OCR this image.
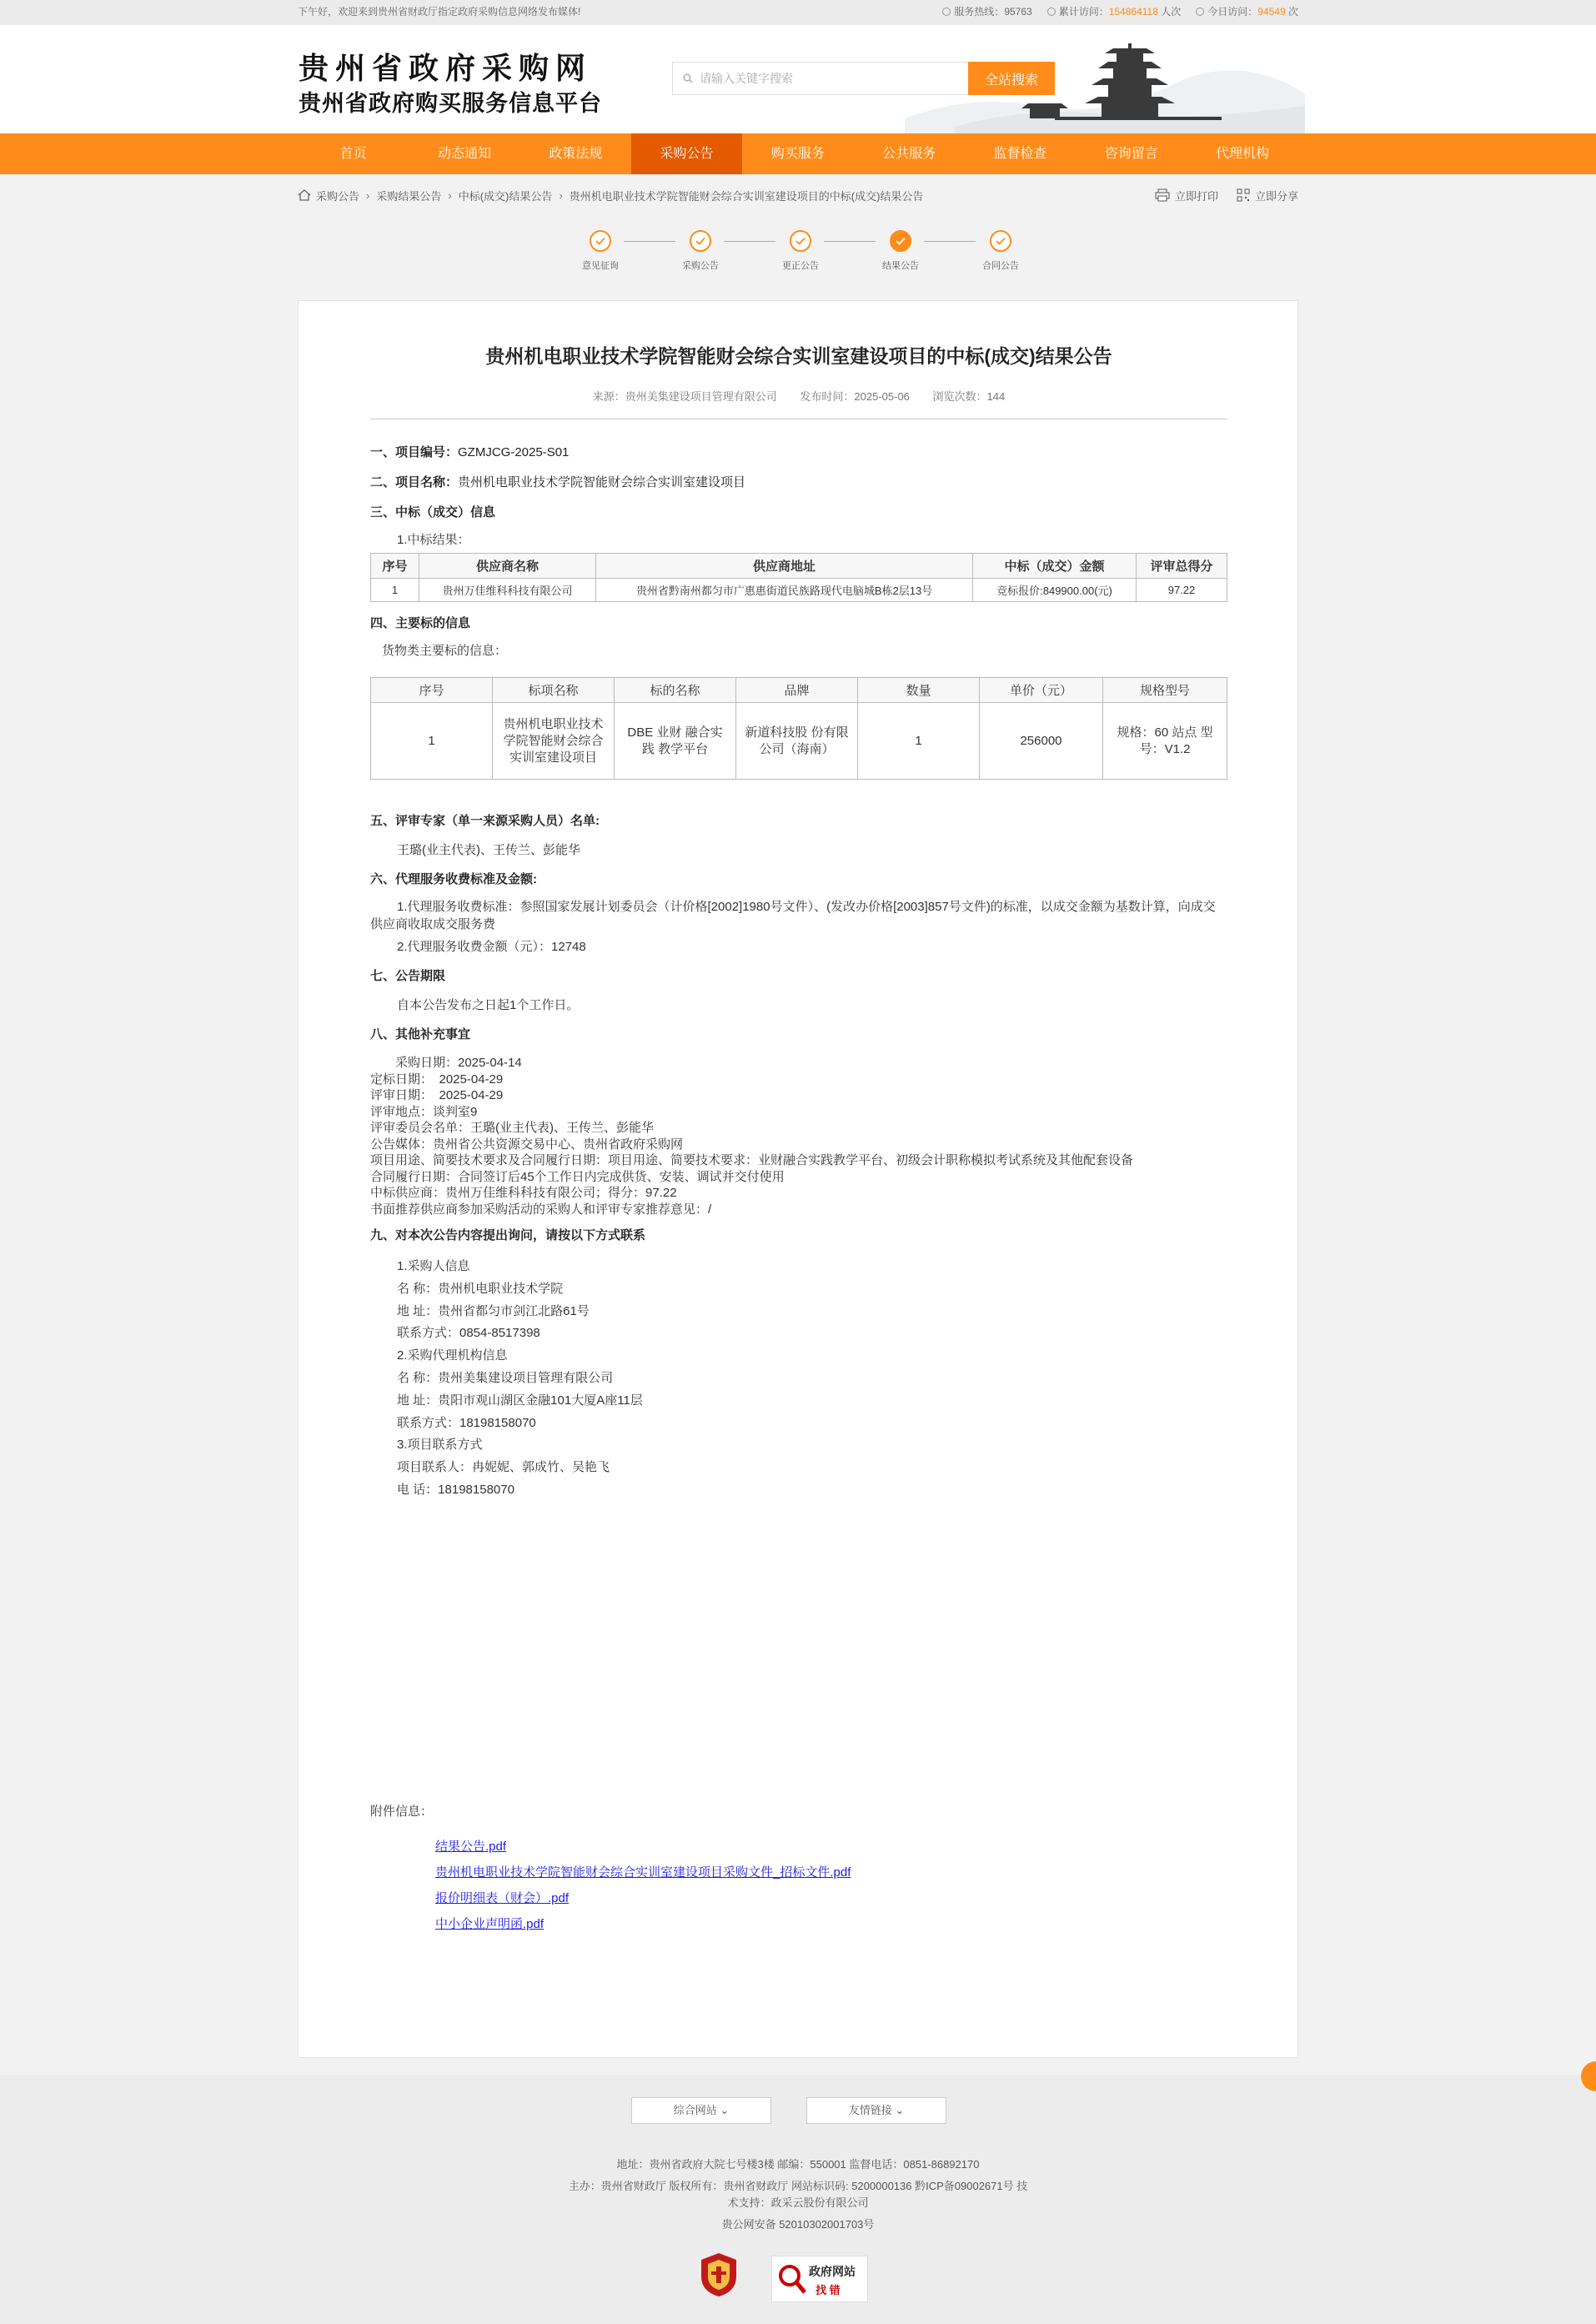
下午好，欢迎来到贵州省财政厅指定政府采购信息网络发布媒体!	服务热线：95763	累计访问：154864118 人次	今日访问：94549 次
贵州省政府采购网
贵州省政府购买服务信息平台
请输入关键字搜索
全站搜索
首页	动态通知	政策法规	采购公告	购买服务	公共服务	监督检查	咨询留言	代理机构
采购公告 › 采购结果公告 › 中标(成交)结果公告 › 贵州机电职业技术学院智能财会综合实训室建设项目的中标(成交)结果公告	立即打印	立即分享
意见征询	采购公告	更正公告	结果公告	合同公告
贵州机电职业技术学院智能财会综合实训室建设项目的中标(成交)结果公告
来源：贵州美集建设项目管理有限公司 发布时间：2025-05-06 浏览次数：144
一、项目编号：GZMJCG-2025-S01
二、项目名称：贵州机电职业技术学院智能财会综合实训室建设项目
三、中标（成交）信息
1.中标结果：
序号	供应商名称	供应商地址	中标（成交）金额	评审总得分
1	贵州万佳维科科技有限公司	贵州省黔南州都匀市广惠惠街道民族路现代电脑城B栋2层13号	竞标报价:849900.00(元)	97.22
四、主要标的信息
货物类主要标的信息：
序号	标项名称	标的名称	品牌	数量	单价（元）	规格型号
1	贵州机电职业技术学院智能财会综合实训室建设项目	DBE 业财 融合实践 教学平台	新道科技股 份有限公司（海南）	1	256000	规格：60 站点 型号：V1.2
五、评审专家（单一来源采购人员）名单:
王璐(业主代表)、王传兰、彭能华
六、代理服务收费标准及金额:
1.代理服务收费标准：参照国家发展计划委员会（计价格[2002]1980号文件）、(发改办价格[2003]857号文件)的标准，以成交金额为基数计算，向成交供应商收取成交服务费
2.代理服务收费金额（元）：12748
七、公告期限
自本公告发布之日起1个工作日。
八、其他补充事宜
　　采购日期：2025-04-14
定标日期：　2025-04-29
评审日期：　2025-04-29
评审地点：谈判室9
评审委员会名单：王璐(业主代表)、王传兰、彭能华
公告媒体：贵州省公共资源交易中心、贵州省政府采购网
项目用途、简要技术要求及合同履行日期：项目用途、简要技术要求：业财融合实践教学平台、初级会计职称模拟考试系统及其他配套设备
合同履行日期：合同签订后45个工作日内完成供货、安装、调试并交付使用
中标供应商：贵州万佳维科科技有限公司；得分：97.22
书面推荐供应商参加采购活动的采购人和评审专家推荐意见：/
九、对本次公告内容提出询问，请按以下方式联系
1.采购人信息
名 称：贵州机电职业技术学院
地 址：贵州省都匀市剑江北路61号
联系方式：0854-8517398
2.采购代理机构信息
名 称：贵州美集建设项目管理有限公司
地 址：贵阳市观山湖区金融101大厦A座11层
联系方式：18198158070
3.项目联系方式
项目联系人：冉妮妮、郭成竹、吴艳飞
电 话：18198158070
附件信息：
结果公告.pdf
贵州机电职业技术学院智能财会综合实训室建设项目采购文件_招标文件.pdf
报价明细表（财会）.pdf
中小企业声明函.pdf
综合网站 ⌄	友情链接 ⌄
地址：贵州省政府大院七号楼3楼 邮编：550001 监督电话：0851-86892170
主办：贵州省财政厅 版权所有：贵州省财政厅 网站标识码: 5200000136 黔ICP备09002671号 技
术支持：政采云股份有限公司
贵公网安备 52010302001703号
政府网站
找 错
